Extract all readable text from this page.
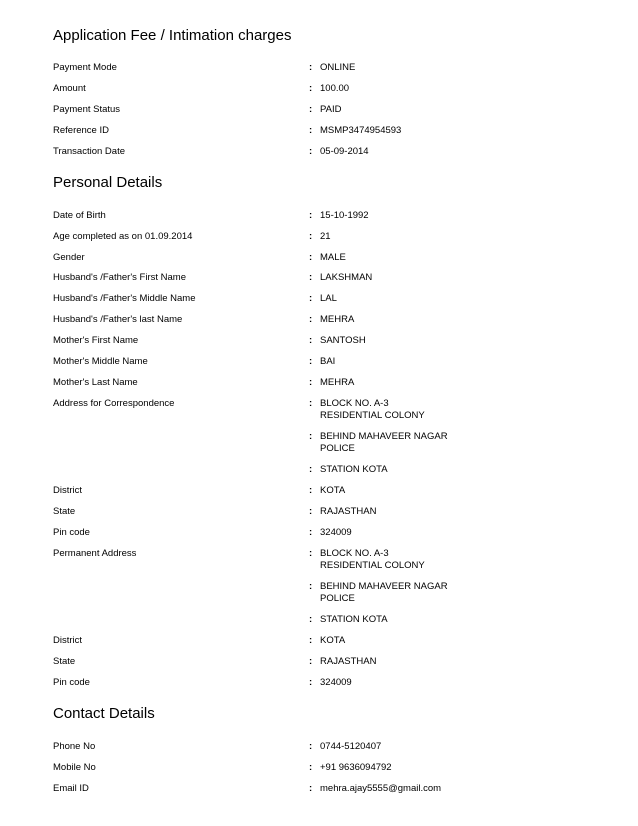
Application Fee / Intimation charges
Payment Mode	: ONLINE
Amount	: 100.00
Payment Status	: PAID
Reference ID	: MSMP3474954593
Transaction Date	: 05-09-2014
Personal Details
Date of Birth	: 15-10-1992
Age completed as on 01.09.2014	: 21
Gender	: MALE
Husband's /Father's First Name	: LAKSHMAN
Husband's /Father's Middle Name	: LAL
Husband's /Father's last Name	: MEHRA
Mother's First Name	: SANTOSH
Mother's Middle Name	: BAI
Mother's Last Name	: MEHRA
Address for Correspondence	: BLOCK NO. A-3
RESIDENTIAL COLONY
: BEHIND MAHAVEER NAGAR
POLICE
: STATION KOTA
District	: KOTA
State	: RAJASTHAN
Pin code	: 324009
Permanent Address	: BLOCK NO. A-3
RESIDENTIAL COLONY
: BEHIND MAHAVEER NAGAR
POLICE
: STATION KOTA
District	: KOTA
State	: RAJASTHAN
Pin code	: 324009
Contact Details
Phone No	: 0744-5120407
Mobile No	: +91 9636094792
Email ID	: mehra.ajay5555@gmail.com
